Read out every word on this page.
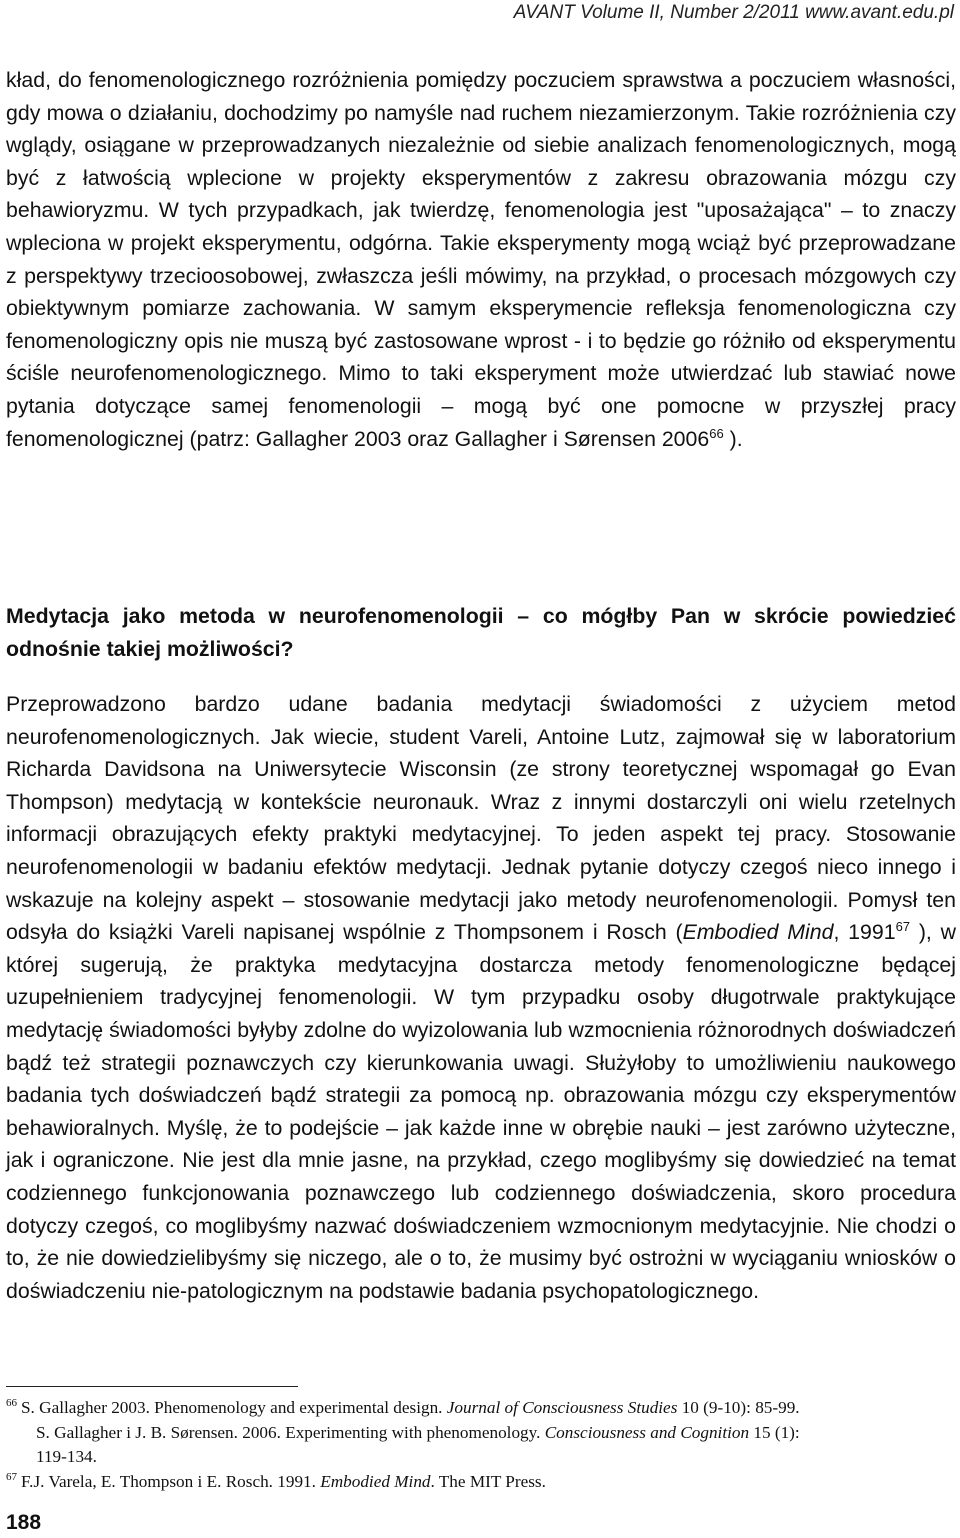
AVANT Volume II, Number 2/2011 www.avant.edu.pl

kład, do fenomenologicznego rozróżnienia pomiędzy poczuciem sprawstwa a poczuciem własności, gdy mowa o działaniu, dochodzimy po namyśle nad ruchem niezamierzonym. Takie rozróżnienia czy wglądy, osiągane w przeprowadzanych niezależnie od siebie analizach fenomenologicznych, mogą być z łatwością wplecione w projekty eksperymentów z zakresu obrazowania mózgu czy behawioryzmu. W tych przypadkach, jak twierdzę, fenomenologia jest "uposażająca" – to znaczy wpleciona w projekt eksperymentu, odgórna. Takie eksperymenty mogą wciąż być przeprowadzane z perspektywy trzecioosobowej, zwłaszcza jeśli mówimy, na przykład, o procesach mózgowych czy obiektywnym pomiarze zachowania. W samym eksperymencie refleksja fenomenologiczna czy fenomenologiczny opis nie muszą być zastosowane wprost - i to będzie go różniło od eksperymentu ściśle neurofenomenologicznego. Mimo to taki eksperyment może utwierdzać lub stawiać nowe pytania dotyczące samej fenomenologii – mogą być one pomocne w przyszłej pracy fenomenologicznej (patrz: Gallagher 2003 oraz Gallagher i Sørensen 2006$^{66}$ ).

Medytacja jako metoda w neurofenomenologii – co mógłby Pan w skrócie powiedzieć odnośnie takiej możliwości?

Przeprowadzono bardzo udane badania medytacji świadomości z użyciem metod neurofenomenologicznych. Jak wiecie, student Vareli, Antoine Lutz, zajmował się w laboratorium Richarda Davidsona na Uniwersytecie Wisconsin (ze strony teoretycznej wspomagał go Evan Thompson) medytacją w kontekście neuronauk. Wraz z innymi dostarczyli oni wielu rzetelnych informacji obrazujących efekty praktyki medytacyjnej. To jeden aspekt tej pracy. Stosowanie neurofenomenologii w badaniu efektów medytacji. Jednak pytanie dotyczy czegoś nieco innego i wskazuje na kolejny aspekt – stosowanie medytacji jako metody neurofenomenologii. Pomysł ten odsyła do książki Vareli napisanej wspólnie z Thompsonem i Rosch (Embodied Mind, 1991$^{67}$ ), w której sugerują, że praktyka medytacyjna dostarcza metody fenomenologiczne będącej uzupełnieniem tradycyjnej fenomenologii. W tym przypadku osoby długotrwale praktykujące medytację świadomości byłyby zdolne do wyizolowania lub wzmocnienia różnorodnych doświadczeń bądź też strategii poznawczych czy kierunkowania uwagi. Służyłoby to umożliwieniu naukowego badania tych doświadczeń bądź strategii za pomocą np. obrazowania mózgu czy eksperymentów behawioralnych. Myślę, że to podejście – jak każde inne w obrębie nauki – jest zarówno użyteczne, jak i ograniczone. Nie jest dla mnie jasne, na przykład, czego moglibyśmy się dowiedzieć na temat codziennego funkcjonowania poznawczego lub codziennego doświadczenia, skoro procedura dotyczy czegoś, co moglibyśmy nazwać doświadczeniem wzmocnionym medytacyjnie. Nie chodzi o to, że nie dowiedzielibyśmy się niczego, ale o to, że musimy być ostrożni w wyciąganiu wniosków o doświadczeniu nie-patologicznym na podstawie badania psychopatologicznego.

$^{66}$ S. Gallagher 2003. Phenomenology and experimental design. Journal of Consciousness Studies 10 (9-10): 85-99.
S. Gallagher i J. B. Sørensen. 2006. Experimenting with phenomenology. Consciousness and Cognition 15 (1):
119-134.
$^{67}$ F.J. Varela, E. Thompson i E. Rosch. 1991. Embodied Mind. The MIT Press.
188
